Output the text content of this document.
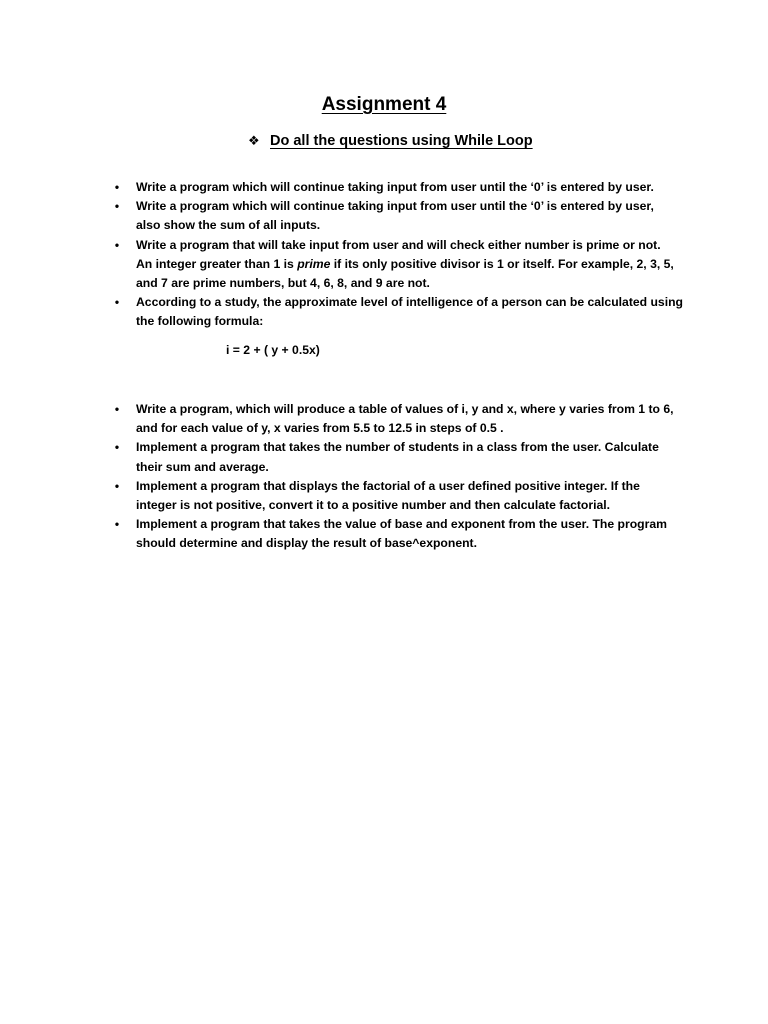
Assignment 4
❖ Do all the questions using While Loop
• Write a program which will continue taking input from user until the ‘0’ is entered by user.
• Write a program which will continue taking input from user until the ‘0’ is entered by user,
also show the sum of all inputs.
• Write a program that will take input from user and will check either number is prime or not.
An integer greater than 1 is prime if its only positive divisor is 1 or itself. For example, 2, 3, 5,
and 7 are prime numbers, but 4, 6, 8, and 9 are not.
• According to a study, the approximate level of intelligence of a person can be calculated using
the following formula:
i = 2 + ( y + 0.5x)
• Write a program, which will produce a table of values of i, y and x, where y varies from 1 to 6,
and for each value of y, x varies from 5.5 to 12.5 in steps of 0.5 .
• Implement a program that takes the number of students in a class from the user. Calculate
their sum and average.
• Implement a program that displays the factorial of a user defined positive integer. If the
integer is not positive, convert it to a positive number and then calculate factorial.
• Implement a program that takes the value of base and exponent from the user. The program
should determine and display the result of base^exponent.
